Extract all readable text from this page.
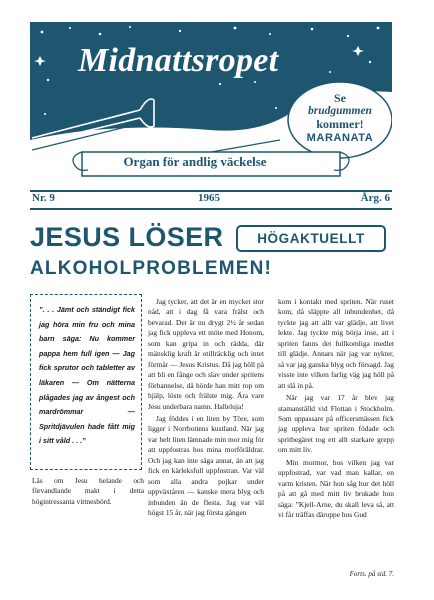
Midnattsropet
Se
brudgummen
kommer!
MARANATA
Organ för andlig väckelse
Nr. 9	1965	Årg. 6
JESUS LÖSER	HÖGAKTUELLT
ALKOHOLPROBLEMEN!
”. . . Jämt och ständigt fick jag höra min fru och mina barn säga: Nu kommer pappa hem full igen — Jag fick sprutor och tabletter av läkaren — Om nätterna plågades jag av ångest och mardrömmar — Spritdjävulen hade fått mig i sitt våld . . .”
Läs om Jesu helande och förvandlande makt i detta högintressanta vittnesbörd.

Jag tycker, att det är en mycket stor nåd, att i dag få vara frälst och bevarad. Det är nu drygt 2½ år sedan jag fick uppleva ett möte med Honom, som kan gripa in och rädda, där mänsklig kraft är otillräcklig och intet förmår — Jesus Kristus. Då jag höll på att bli en fånge och slav under spritens förbannelse, då hörde han mitt rop om hjälp, löste och frälste mig. Ära vare Jesu underbara namn. Halleluja!

Jag föddes i en liten by Töre, som ligger i Norrbottens kustland. När jag var helt liten lämnade min mor mig för att uppfostras hos mina morföräldrar. Och jag kan inte säga annat, än att jag fick en kärleksfull uppfostran. Var väl som alla andra pojkar under uppväxtåren — kanske mera blyg och inbunden än de flesta. Jag var väl högst 15 år, när jag första gången

kom i kontakt med spriten. När ruset kom, då släppte all inbundenhet, då tyckte jag att allt var glädje, att livet lekte. Jag tyckte mig börja inse, att i spriten fanns det fullkomliga medlet till glädje. Annars när jag var nykter, så var jag ganska blyg och försagd. Jag visste inte vilken farlig väg jag höll på att slå in på.

När jag var 17 år blev jag stamanställd vid Flottan i Stockholm. Som uppassare på officersmässen fick jag uppleva hur spriten födade och spritbegäret tog ett allt starkare grepp om mitt liv.

Min mormor, hos vilken jag var uppfostrad, var vad man kallar, en varm kristen. När hon såg hur det höll på att gå med mitt liv brukade hon säga: ”Kjell-Arne, du skall leva så, att vi får träffas däruppe hos Gud

Forts. på sid. 7.
